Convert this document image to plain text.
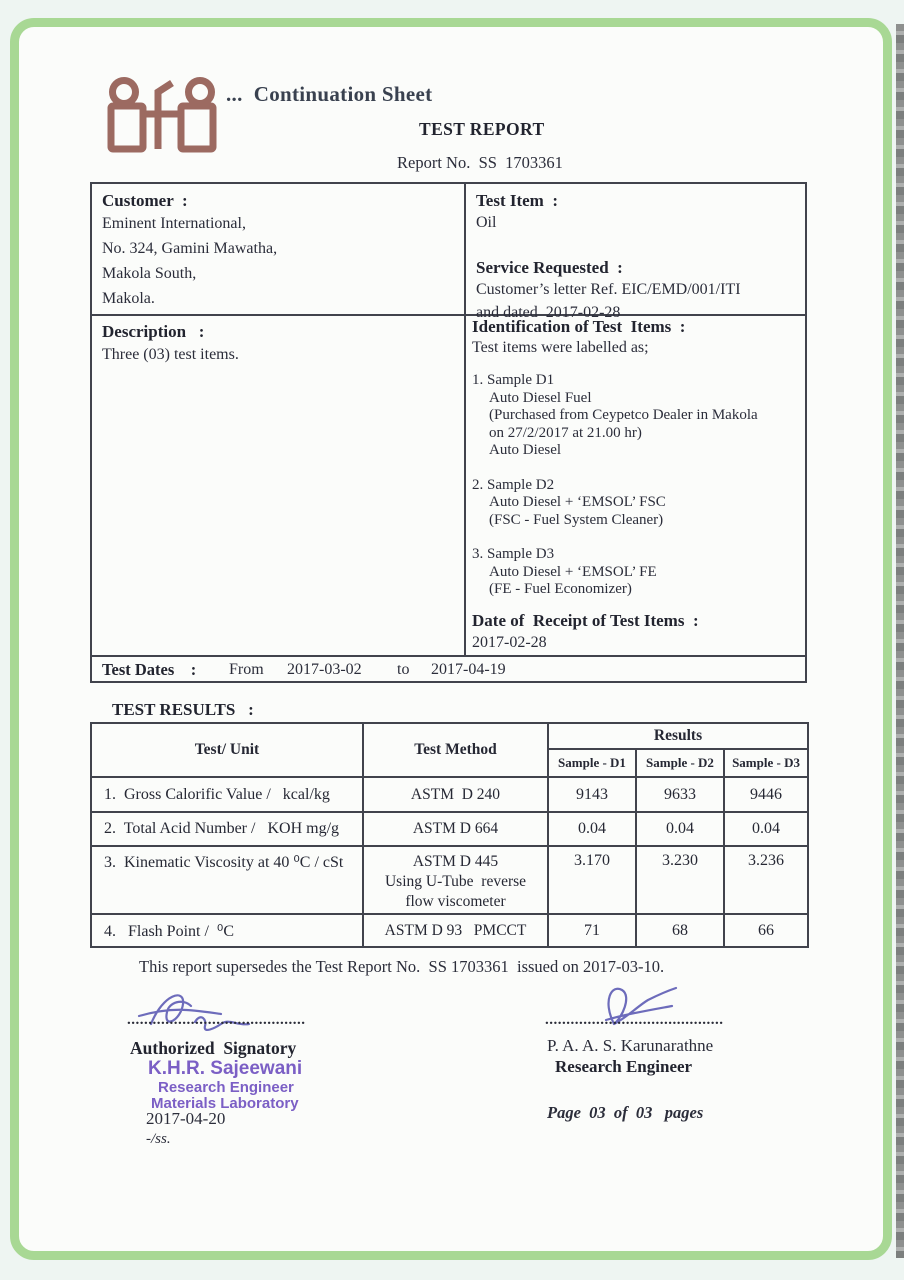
...  Continuation Sheet
TEST REPORT
Report No.  SS  1703361
Customer  :
Eminent International,
No. 324, Gamini Mawatha,
Makola South,
Makola.
Test Item  :
Oil
Service Requested  :
Customer’s letter Ref. EIC/EMD/001/ITI
and dated  2017-02-28
Description   :
Three (03) test items.
Identification of Test  Items  :
Test items were labelled as;
1. Sample D1
Auto Diesel Fuel
(Purchased from Ceypetco Dealer in Makola
on 27/2/2017 at 21.00 hr)
Auto Diesel
2. Sample D2
Auto Diesel + ‘EMSOL’ FSC
(FSC - Fuel System Cleaner)
3. Sample D3
Auto Diesel + ‘EMSOL’ FE
(FE - Fuel Economizer)
Date of  Receipt of Test Items  :
2017-02-28
Test Dates    : From 2017-03-02 to 2017-04-19
TEST RESULTS   :
Test/ Unit	Test Method	Results		
		Sample - D1	Sample - D2	Sample - D3
1.  Gross Calorific Value /   kcal/kg	ASTM  D 240	9143	9633	9446
2.  Total Acid Number /   KOH mg/g	ASTM D 664	0.04	0.04	0.04
3.  Kinematic Viscosity at 40 ⁰C / cSt	ASTM D 445
Using U-Tube  reverse
flow viscometer	3.170	3.230	3.236
4.   Flash Point /  ⁰C	ASTM D 93   PMCCT	71	68	66
This report supersedes the Test Report No.  SS 1703361  issued on 2017-03-10.
..........................................
Authorized  Signatory
K.H.R. Sajeewani
Research Engineer
Materials Laboratory
2017-04-20
-/ss.
..........................................
P. A. A. S. Karunarathne
Research Engineer
Page  03  of  03   pages
